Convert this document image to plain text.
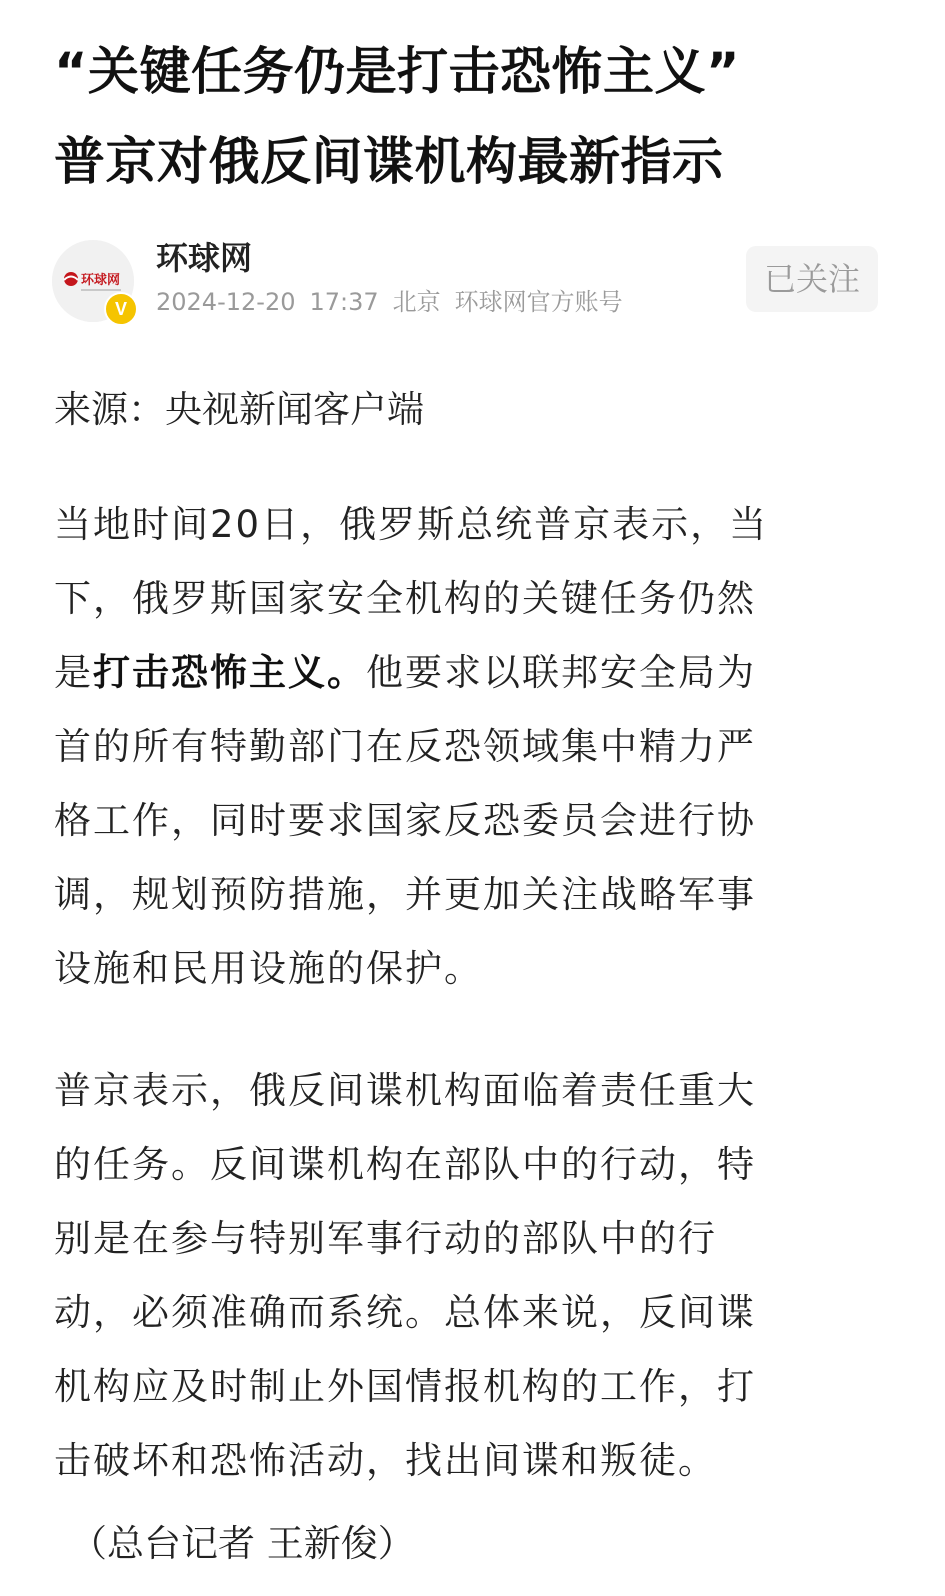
“关键任务仍是打击恐怖主义”
普京对俄反间谍机构最新指示
环球网
V
环球网
2024-12-20 17:37 北京 环球网官方账号
已关注

来源：央视新闻客户端

当地时间20日，俄罗斯总统普京表示，当
下，俄罗斯国家安全机构的关键任务仍然
是打击恐怖主义。他要求以联邦安全局为
首的所有特勤部门在反恐领域集中精力严
格工作，同时要求国家反恐委员会进行协
调，规划预防措施，并更加关注战略军事
设施和民用设施的保护。

普京表示，俄反间谍机构面临着责任重大
的任务。反间谍机构在部队中的行动，特
别是在参与特别军事行动的部队中的行
动，必须准确而系统。总体来说，反间谍
机构应及时制止外国情报机构的工作，打
击破坏和恐怖活动，找出间谍和叛徒。

（总台记者 王新俊）
